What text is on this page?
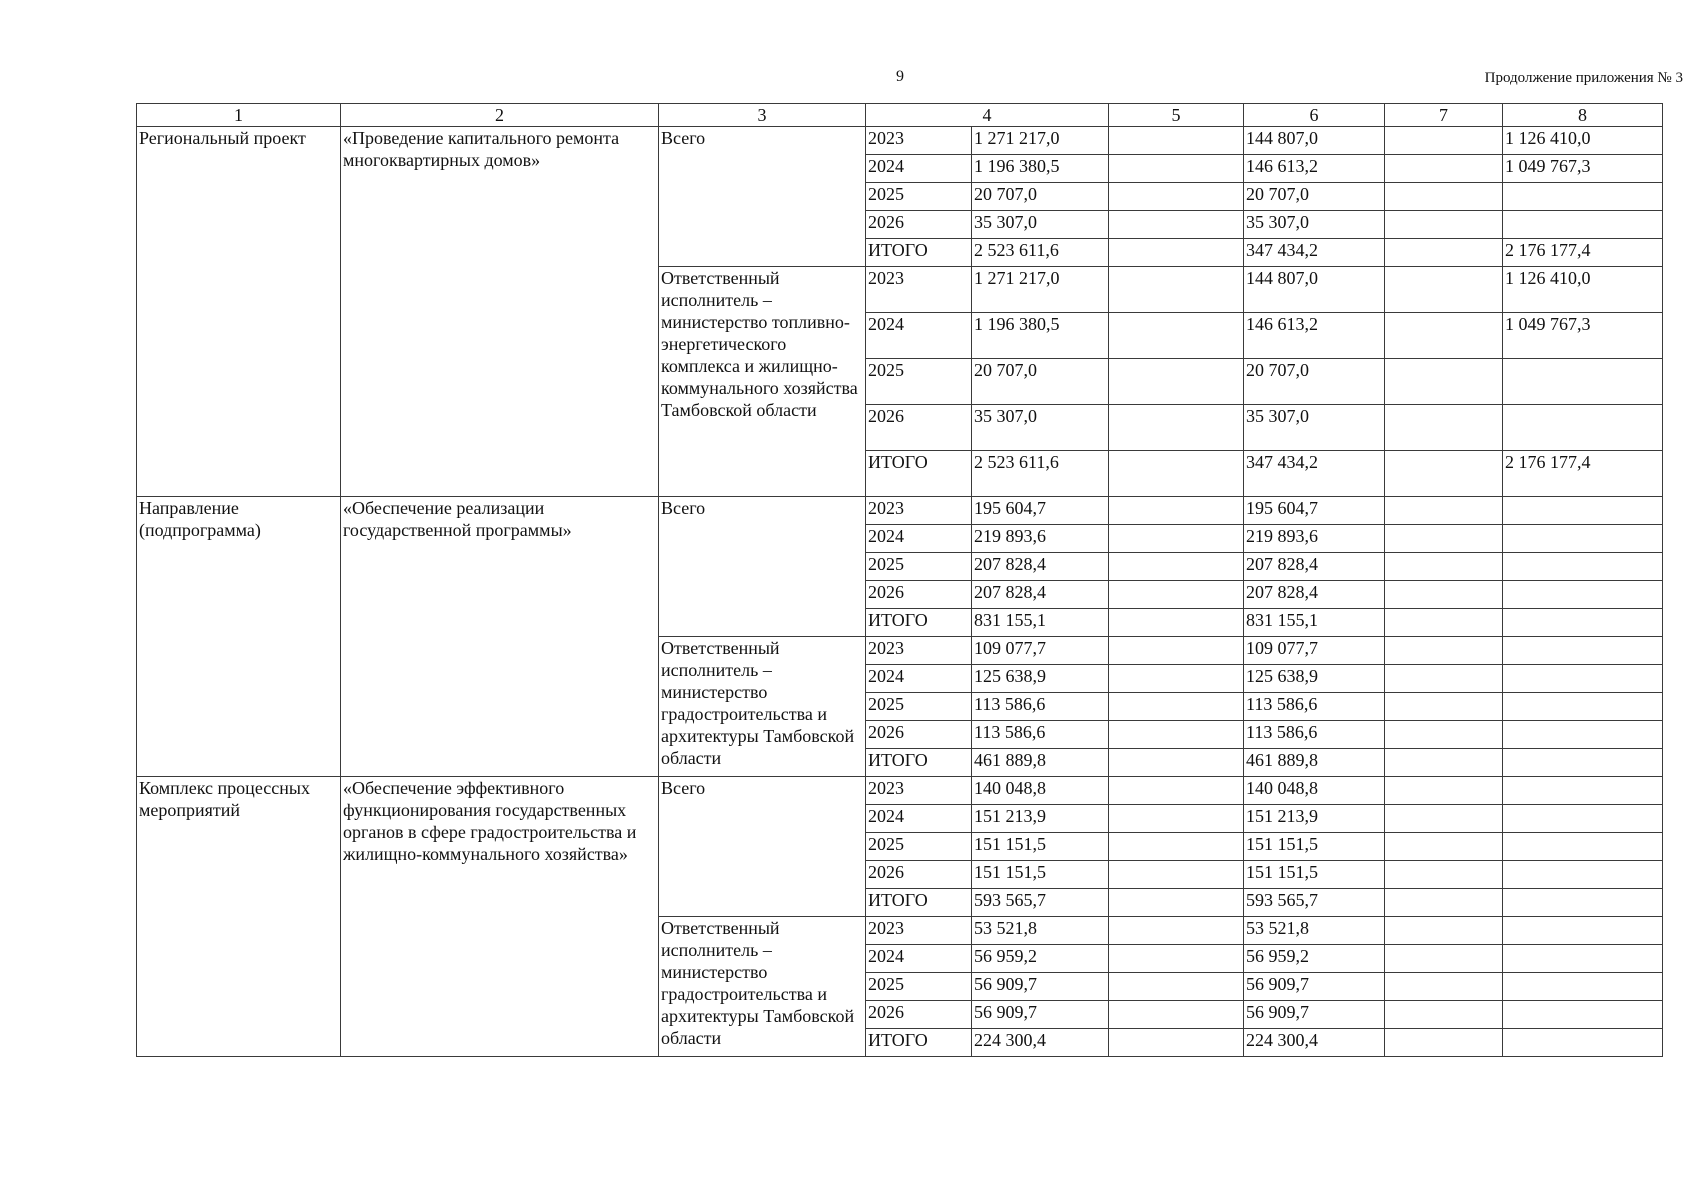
9	Продолжение приложения № 3
1	2	3	4		5	6	7	8
Региональный проект	«Проведение капитального ремонта многоквартирных домов»	Всего	2023	1 271 217,0		144 807,0		1 126 410,0
			2024	1 196 380,5		146 613,2		1 049 767,3
			2025	20 707,0		20 707,0		
			2026	35 307,0		35 307,0		
			ИТОГО	2 523 611,6		347 434,2		2 176 177,4
		Ответственный исполнитель – министерство топливно-энергетического комплекса и жилищно-коммунального хозяйства Тамбовской области	2023	1 271 217,0		144 807,0		1 126 410,0
			2024	1 196 380,5		146 613,2		1 049 767,3
			2025	20 707,0		20 707,0		
			2026	35 307,0		35 307,0		
			ИТОГО	2 523 611,6		347 434,2		2 176 177,4
Направление (подпрограмма)	«Обеспечение реализации государственной программы»	Всего	2023	195 604,7		195 604,7		
			2024	219 893,6		219 893,6		
			2025	207 828,4		207 828,4		
			2026	207 828,4		207 828,4		
			ИТОГО	831 155,1		831 155,1		
		Ответственный исполнитель – министерство градостроительства и архитектуры Тамбовской области	2023	109 077,7		109 077,7		
			2024	125 638,9		125 638,9		
			2025	113 586,6		113 586,6		
			2026	113 586,6		113 586,6		
			ИТОГО	461 889,8		461 889,8		
Комплекс процессных мероприятий	«Обеспечение эффективного функционирования государственных органов в сфере градостроительства и жилищно-коммунального хозяйства»	Всего	2023	140 048,8		140 048,8		
			2024	151 213,9		151 213,9		
			2025	151 151,5		151 151,5		
			2026	151 151,5		151 151,5		
			ИТОГО	593 565,7		593 565,7		
		Ответственный исполнитель – министерство градостроительства и архитектуры Тамбовской области	2023	53 521,8		53 521,8		
			2024	56 959,2		56 959,2		
			2025	56 909,7		56 909,7		
			2026	56 909,7		56 909,7		
			ИТОГО	224 300,4		224 300,4		
